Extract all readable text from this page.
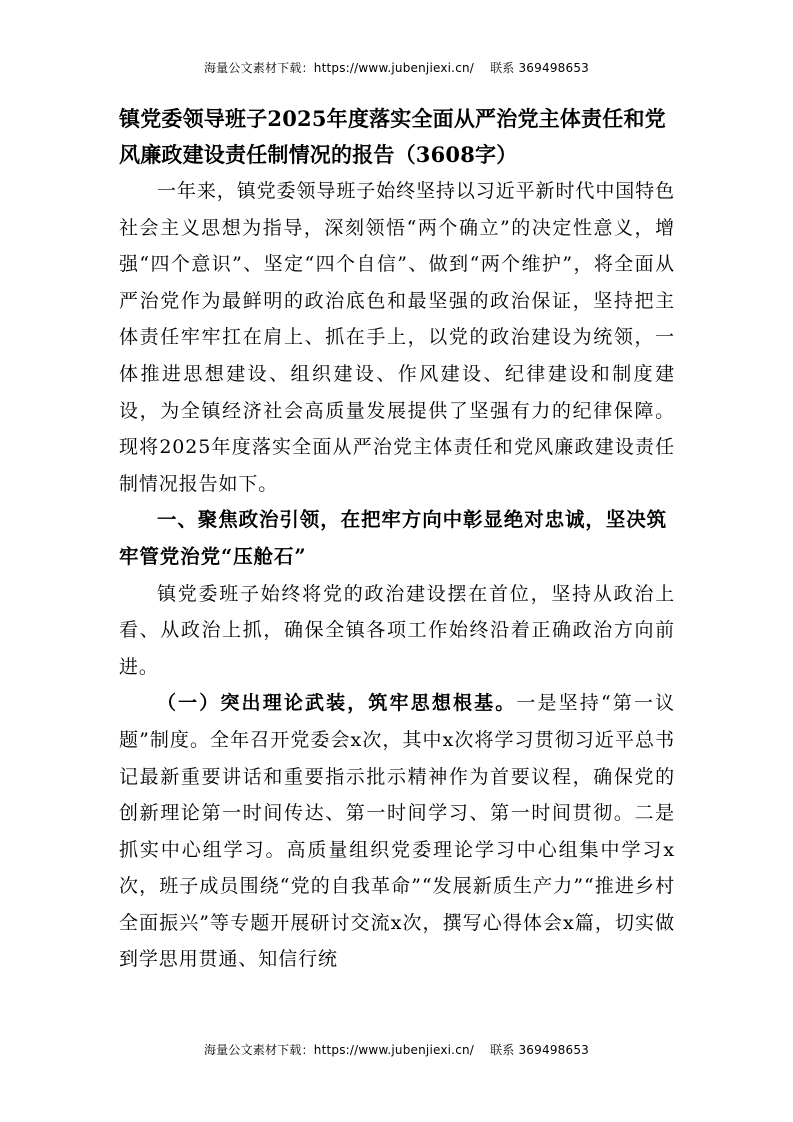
海量公文素材下载：https://www.jubenjiexi.cn/ 联系 369498653

镇党委领导班子2025年度落实全面从严治党主体责任和党风廉政建设责任制情况的报告（3608字）

一年来，镇党委领导班子始终坚持以习近平新时代中国特色社会主义思想为指导，深刻领悟“两个确立”的决定性意义，增强“四个意识”、坚定“四个自信”、做到“两个维护”，将全面从严治党作为最鲜明的政治底色和最坚强的政治保证，坚持把主体责任牢牢扛在肩上、抓在手上，以党的政治建设为统领，一体推进思想建设、组织建设、作风建设、纪律建设和制度建设，为全镇经济社会高质量发展提供了坚强有力的纪律保障。现将2025年度落实全面从严治党主体责任和党风廉政建设责任制情况报告如下。

一、聚焦政治引领，在把牢方向中彰显绝对忠诚，坚决筑牢管党治党“压舱石”

镇党委班子始终将党的政治建设摆在首位，坚持从政治上看、从政治上抓，确保全镇各项工作始终沿着正确政治方向前进。

（一）突出理论武装，筑牢思想根基。一是坚持“第一议题”制度。全年召开党委会x次，其中x次将学习贯彻习近平总书记最新重要讲话和重要指示批示精神作为首要议程，确保党的创新理论第一时间传达、第一时间学习、第一时间贯彻。二是抓实中心组学习。高质量组织党委理论学习中心组集中学习x次，班子成员围绕“党的自我革命”“发展新质生产力”“推进乡村全面振兴”等专题开展研讨交流x次，撰写心得体会x篇，切实做到学思用贯通、知信行统

海量公文素材下载：https://www.jubenjiexi.cn/ 联系 369498653
